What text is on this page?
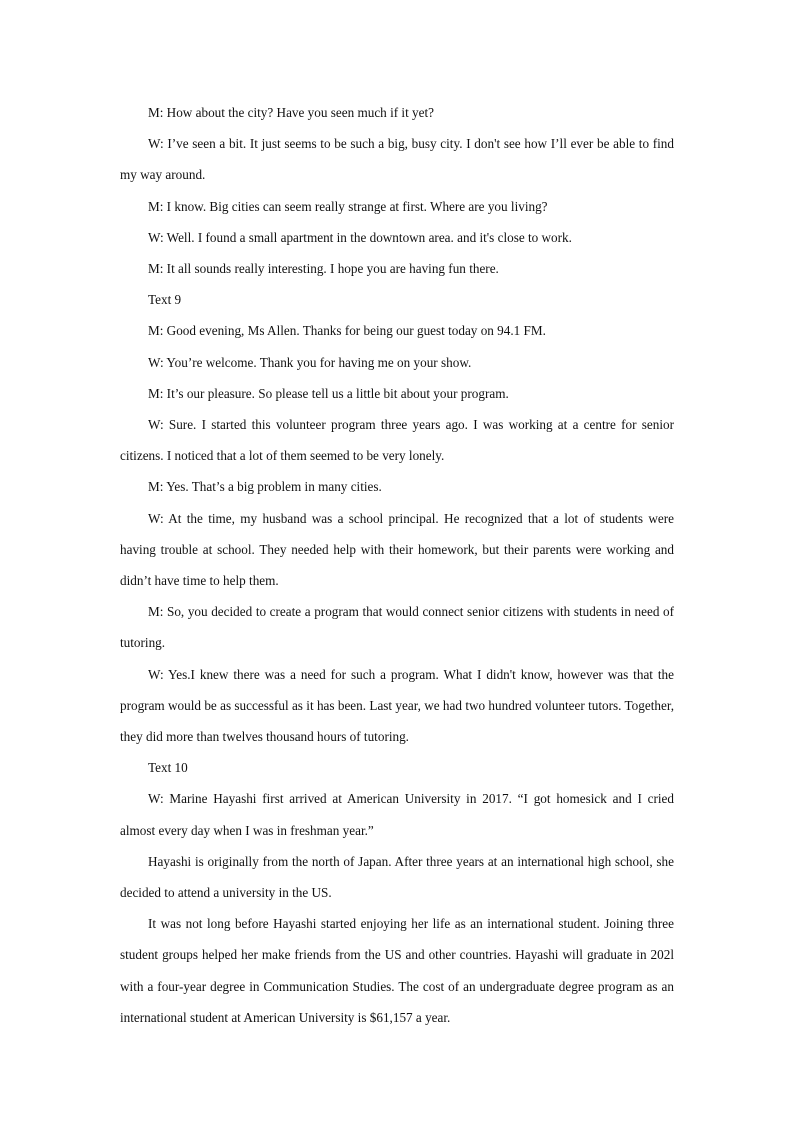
M: How about the city? Have you seen much if it yet?

W: I’ve seen a bit. It just seems to be such a big, busy city. I don't see how I’ll ever be able to find my way around.

M: I know. Big cities can seem really strange at first. Where are you living?

W: Well. I found a small apartment in the downtown area. and it's close to work.

M: It all sounds really interesting. I hope you are having fun there.

Text 9

M: Good evening, Ms Allen. Thanks for being our guest today on 94.1 FM.

W: You’re welcome. Thank you for having me on your show.

M: It’s our pleasure. So please tell us a little bit about your program.

W: Sure. I started this volunteer program three years ago. I was working at a centre for senior citizens. I noticed that a lot of them seemed to be very lonely.

M: Yes. That’s a big problem in many cities.

W: At the time, my husband was a school principal. He recognized that a lot of students were having trouble at school. They needed help with their homework, but their parents were working and didn’t have time to help them.

M: So, you decided to create a program that would connect senior citizens with students in need of tutoring.

W: Yes.I knew there was a need for such a program. What I didn't know, however was that the program would be as successful as it has been. Last year, we had two hundred volunteer tutors. Together, they did more than twelves thousand hours of tutoring.

Text 10

W: Marine Hayashi first arrived at American University in 2017. “I got homesick and I cried almost every day when I was in freshman year.”

Hayashi is originally from the north of Japan. After three years at an international high school, she decided to attend a university in the US.

It was not long before Hayashi started enjoying her life as an international student. Joining three student groups helped her make friends from the US and other countries. Hayashi will graduate in 202l with a four-year degree in Communication Studies. The cost of an undergraduate degree program as an international student at American University is $61,157 a year.
